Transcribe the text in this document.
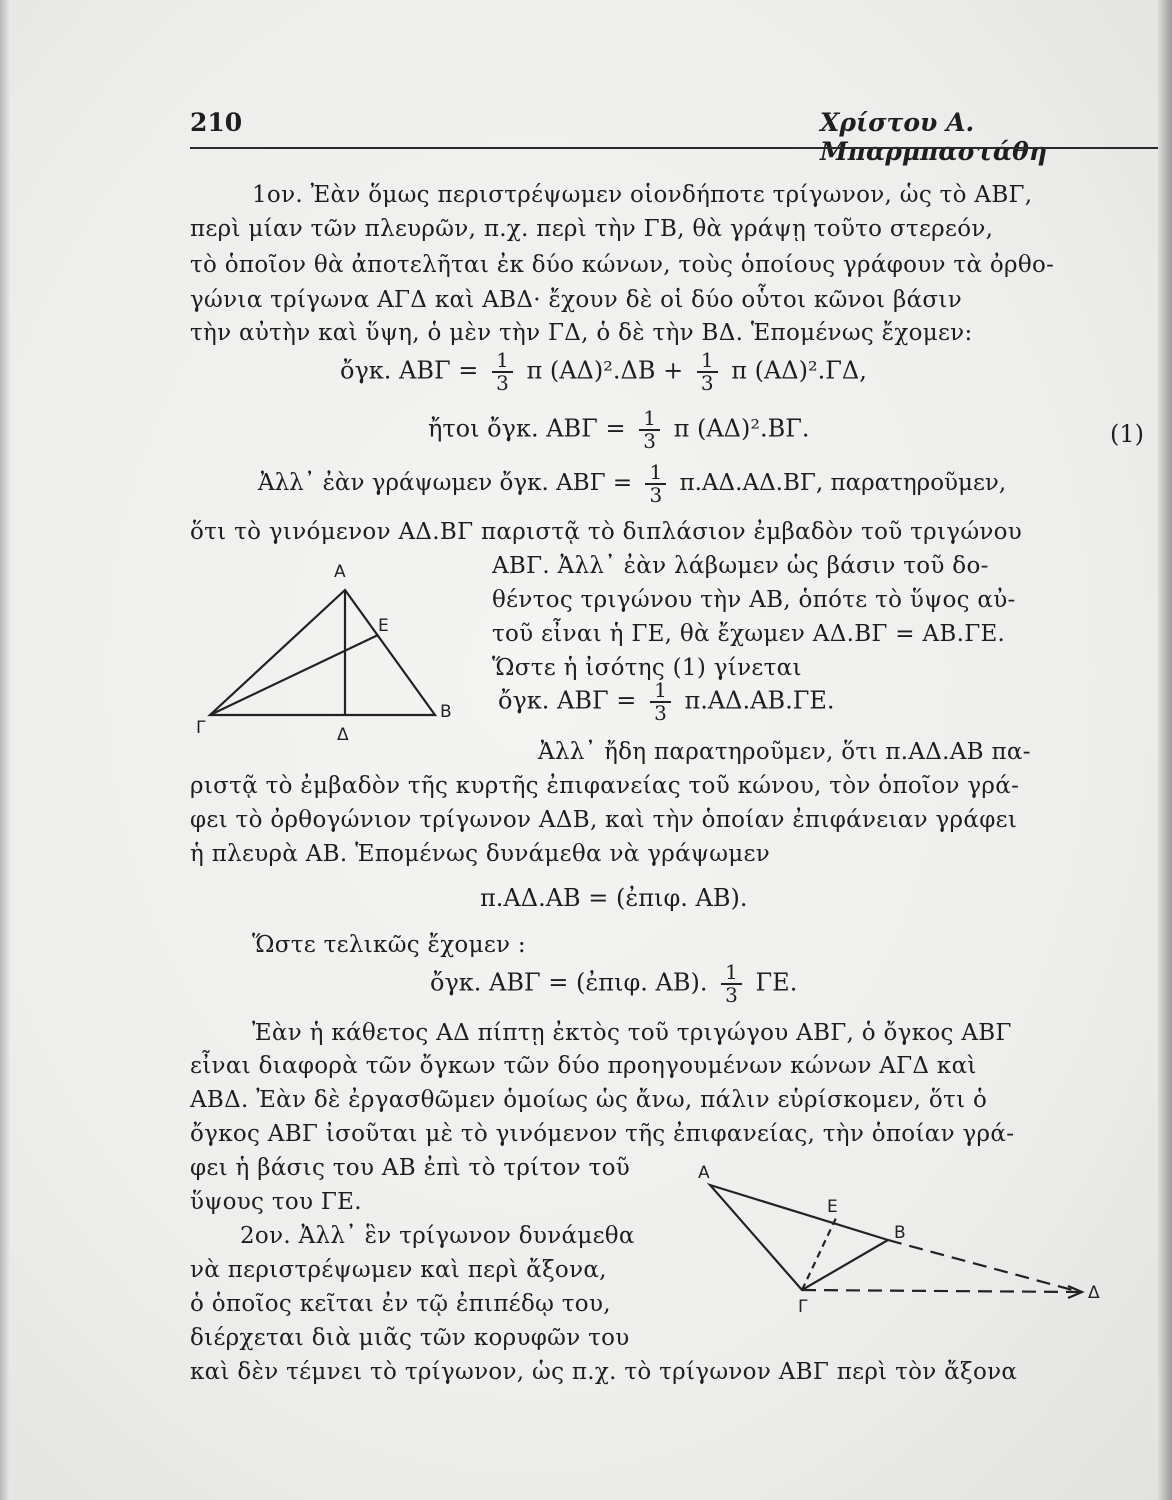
210	Χρίστου Α. Μπαρμπαστάθη
1ον. Ἐὰν ὅμως περιστρέψωμεν οἱονδήποτε τρίγωνον, ὡς τὸ ΑΒΓ,
περὶ μίαν τῶν πλευρῶν, π.χ. περὶ τὴν ΓΒ, θὰ γράψῃ τοῦτο στερεόν,
τὸ ὁποῖον θὰ ἀποτελῆται ἐκ δύο κώνων, τοὺς ὁποίους γράφουν τὰ ὀρθο-
γώνια τρίγωνα ΑΓΔ καὶ ΑΒΔ· ἔχουν δὲ οἱ δύο οὗτοι κῶνοι βάσιν
τὴν αὐτὴν καὶ ὕψη, ὁ μὲν τὴν ΓΔ, ὁ δὲ τὴν ΒΔ. Ἑπομένως ἔχομεν:
ὄγκ. $AB\Gamma = \frac{1}{3}$ π $(A\Delta)^2.\Delta B + \frac{1}{3}$ π (ΑΔ)².ΓΔ,
ἤτοι ὄγκ. $AB\Gamma = \frac{1}{3}$ π (ΑΔ)².ΒΓ.	(1)
Ἀλλ᾽ ἐὰν γράψωμεν ὄγκ. $AB\Gamma = \frac{1}{3} \pi.A\Delta.A\Delta.B\Gamma$, παρατηροῦμεν,
ὅτι τὸ γινόμενον ΑΔ.ΒΓ παριστᾷ τὸ διπλάσιον ἐμβαδὸν τοῦ τριγώνου
ΑΒΓ. Ἀλλ᾽ ἐὰν λάβωμεν ὡς βάσιν τοῦ δο-
θέντος τριγώνου τὴν ΑΒ, ὁπότε τὸ ὕψος αὐ-
τοῦ εἶναι ἡ ΓΕ, θὰ ἔχωμεν ΑΔ.ΒΓ = ΑΒ.ΓΕ.
Ὥστε ἡ ἰσότης (1) γίνεται
ὄγκ. $AB\Gamma = \frac{1}{3} \pi.A\Delta.AB.\Gamma E$.
A
E
B
Γ	Δ
Ἀλλ᾽ ἤδη παρατηροῦμεν, ὅτι π.ΑΔ.ΑΒ πα-
ριστᾷ τὸ ἐμβαδὸν τῆς κυρτῆς ἐπιφανείας τοῦ κώνου, τὸν ὁποῖον γρά-
φει τὸ ὀρθογώνιον τρίγωνον ΑΔΒ, καὶ τὴν ὁποίαν ἐπιφάνειαν γράφει
ἡ πλευρὰ ΑΒ. Ἑπομένως δυνάμεθα νὰ γράψωμεν
π.ΑΔ.ΑΒ = (ἐπιφ. ΑΒ).
Ὥστε τελικῶς ἔχομεν :
ὄγκ. ΑΒΓ = (ἐπιφ. ΑΒ). $\frac{1}{3} \Gamma E$.
Ἐὰν ἡ κάθετος ΑΔ πίπτῃ ἐκτὸς τοῦ τριγώγου ΑΒΓ, ὁ ὄγκος ΑΒΓ
εἶναι διαφορὰ τῶν ὄγκων τῶν δύο προηγουμένων κώνων ΑΓΔ καὶ
ΑΒΔ. Ἐὰν δὲ ἐργασθῶμεν ὁμοίως ὡς ἄνω, πάλιν εὑρίσκομεν, ὅτι ὁ
ὄγκος ΑΒΓ ἰσοῦται μὲ τὸ γινόμενον τῆς ἐπιφανείας, τὴν ὁποίαν γρά-
φει ἡ βάσις του ΑΒ ἐπὶ τὸ τρίτον τοῦ
ὕψους του ΓΕ.
2ον. Ἀλλ᾽ ἓν τρίγωνον δυνάμεθα
νὰ περιστρέψωμεν καὶ περὶ ἄξονα,
ὁ ὁποῖος κεῖται ἐν τῷ ἐπιπέδῳ του,
διέρχεται διὰ μιᾶς τῶν κορυφῶν του
καὶ δὲν τέμνει τὸ τρίγωνον, ὡς π.χ. τὸ τρίγωνον ΑΒΓ περὶ τὸν ἄξονα
A
E
B
Γ
Δ
